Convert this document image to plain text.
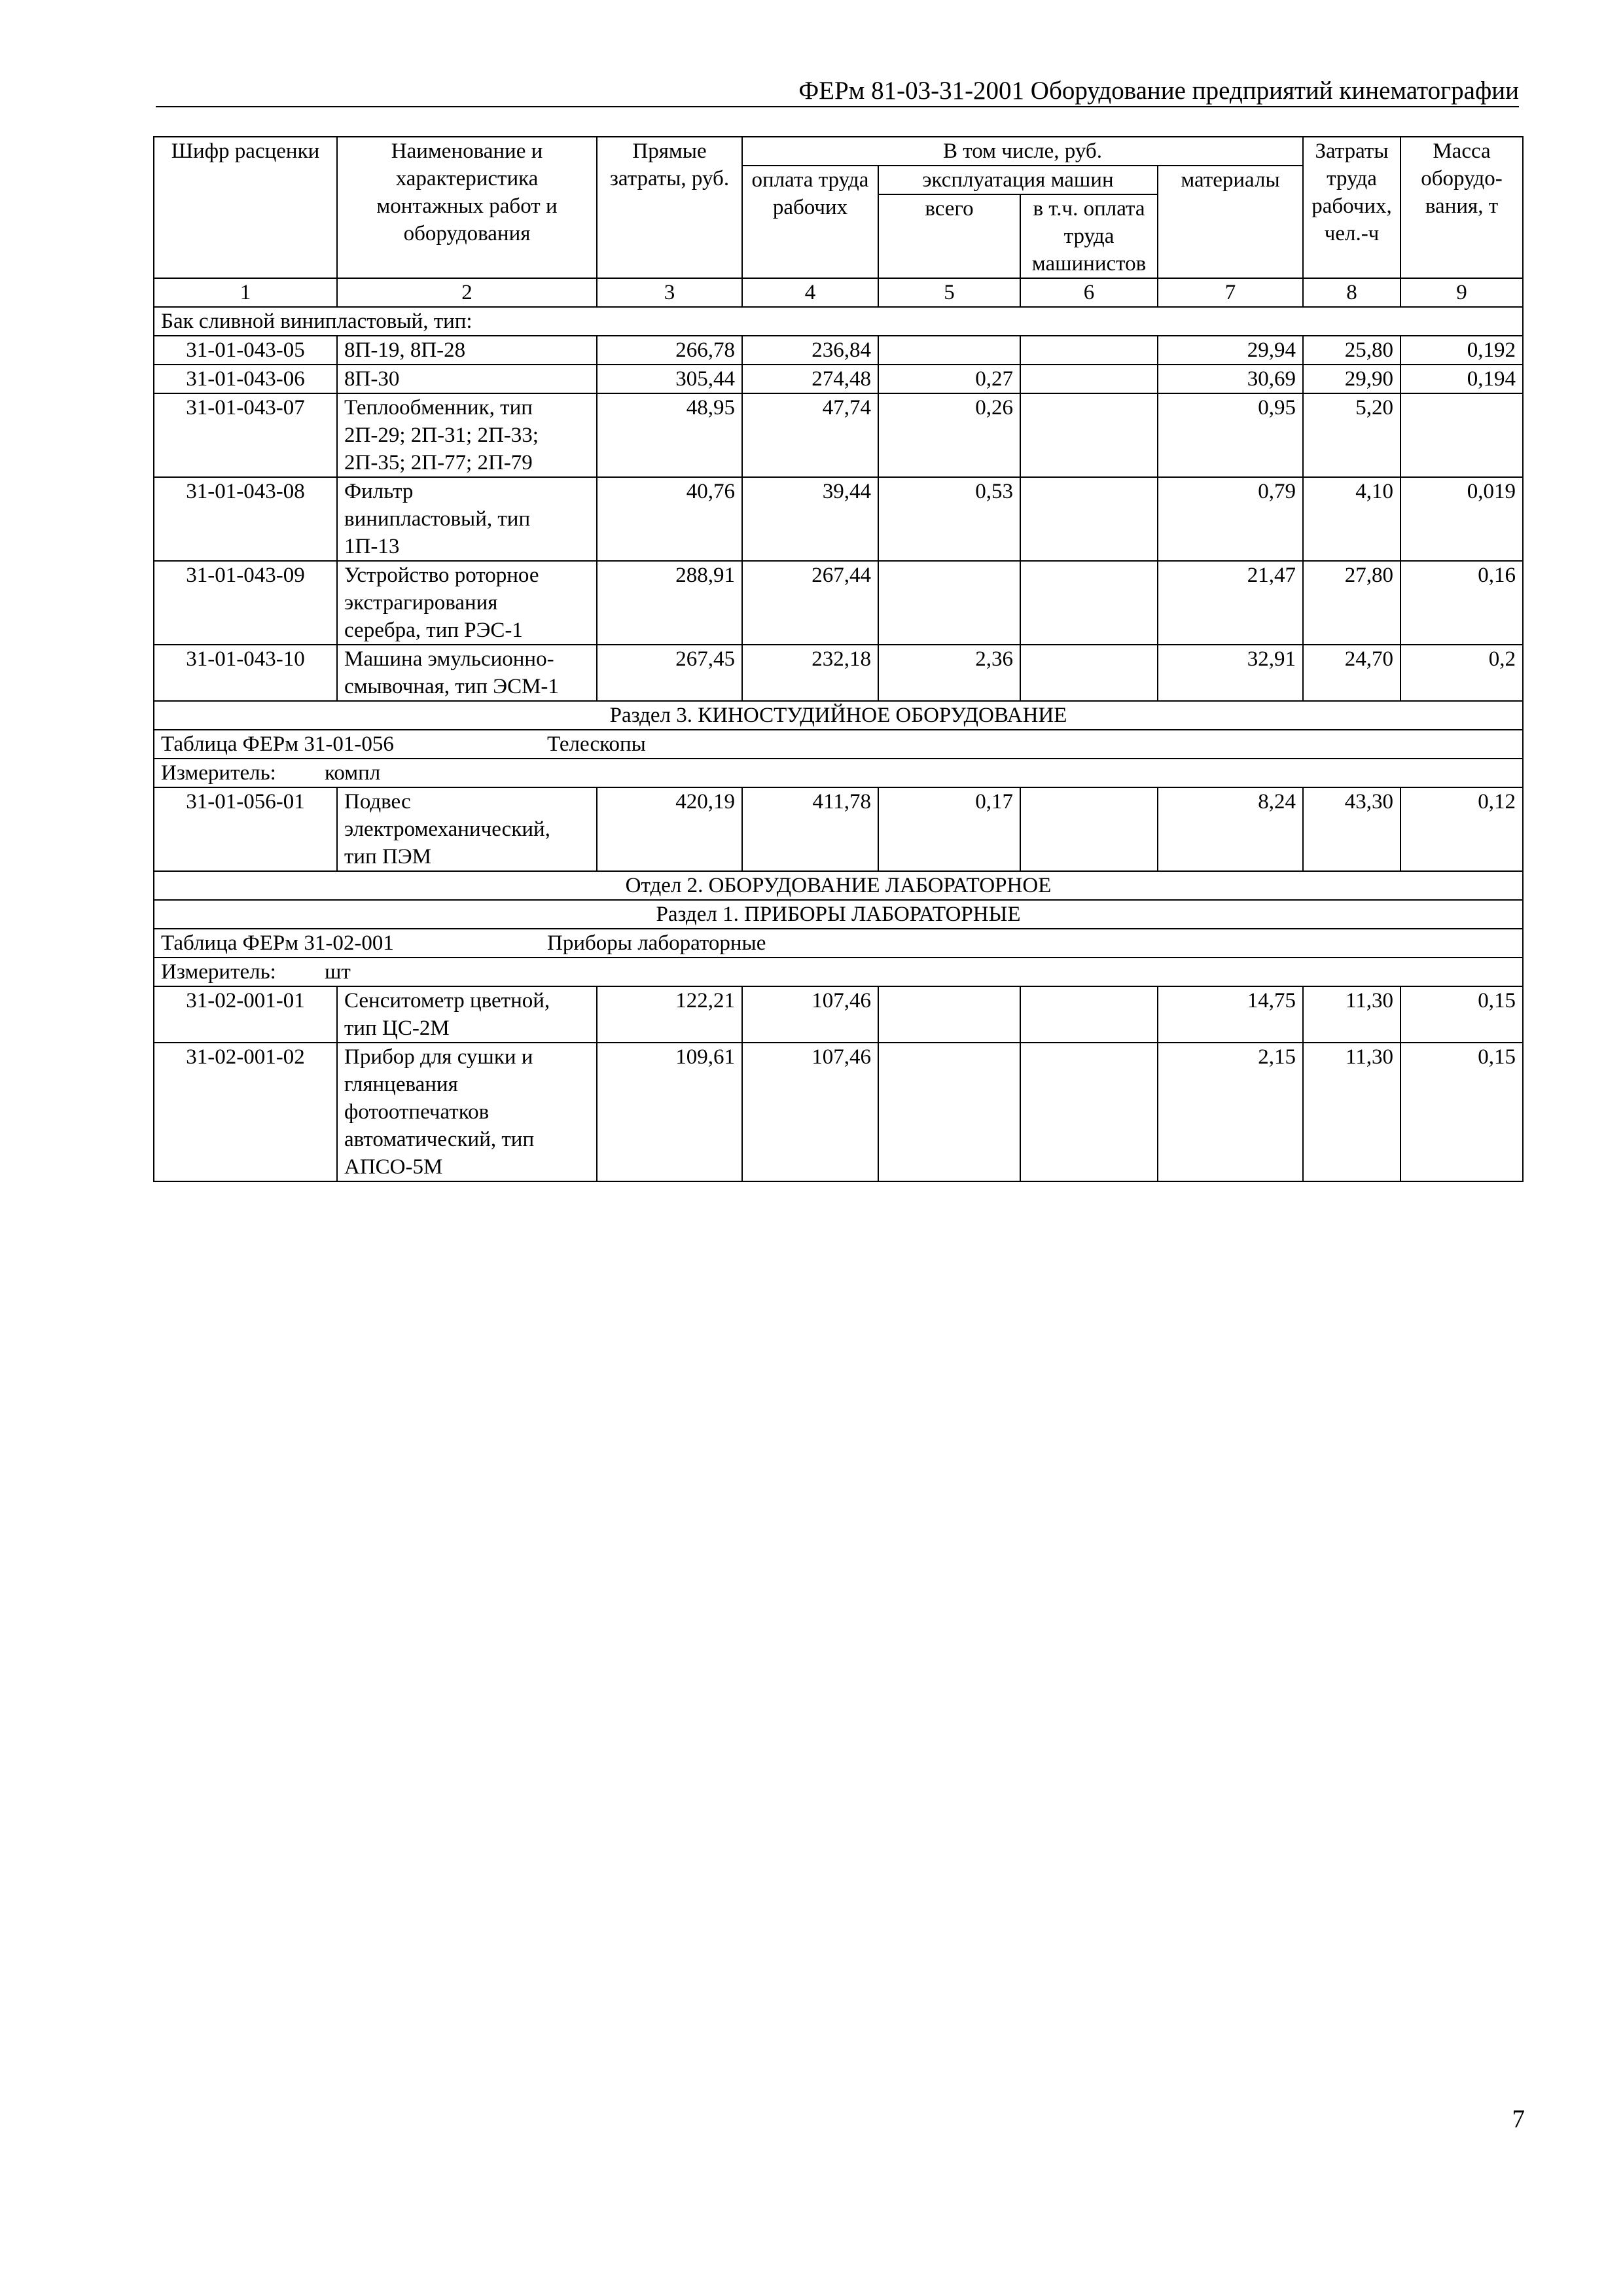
ФЕРм 81-03-31-2001 Оборудование предприятий кинематографии
Шифр расценки	Наименование и характеристика монтажных работ и оборудования	Прямые затраты, руб.	В том числе, руб.				Затраты труда рабочих, чел.-ч	Масса оборудо-вания, т
			оплата труда рабочих	эксплуатация машин		материалы		
				всего	в т.ч. оплата труда машинистов			
1	2	3	4	5	6	7	8	9
Бак сливной винипластовый, тип:								
31-01-043-05	8П-19, 8П-28	266,78	236,84			29,94	25,80	0,192
31-01-043-06	8П-30	305,44	274,48	0,27		30,69	29,90	0,194
31-01-043-07	Теплообменник, тип
2П-29; 2П-31; 2П-33;
2П-35; 2П-77; 2П-79	48,95	47,74	0,26		0,95	5,20	
31-01-043-08	Фильтр
винипластовый, тип
1П-13	40,76	39,44	0,53		0,79	4,10	0,019
31-01-043-09	Устройство роторное
экстрагирования
серебра, тип РЭС-1	288,91	267,44			21,47	27,80	0,16
31-01-043-10	Машина эмульсионно-
смывочная, тип ЭСМ-1	267,45	232,18	2,36		32,91	24,70	0,2
Раздел 3. КИНОСТУДИЙНОЕ ОБОРУДОВАНИЕ								
Таблица ФЕРм 31-01-056 Телескопы								
Измеритель: компл								
31-01-056-01	Подвес
электромеханический,
тип ПЭМ	420,19	411,78	0,17		8,24	43,30	0,12
Отдел 2. ОБОРУДОВАНИЕ ЛАБОРАТОРНОЕ								
Раздел 1. ПРИБОРЫ ЛАБОРАТОРНЫЕ								
Таблица ФЕРм 31-02-001 Приборы лабораторные								
Измеритель: шт								
31-02-001-01	Сенситометр цветной,
тип ЦС-2М	122,21	107,46			14,75	11,30	0,15
31-02-001-02	Прибор для сушки и
глянцевания
фотоотпечатков
автоматический, тип
АПСО-5М	109,61	107,46			2,15	11,30	0,15
7
